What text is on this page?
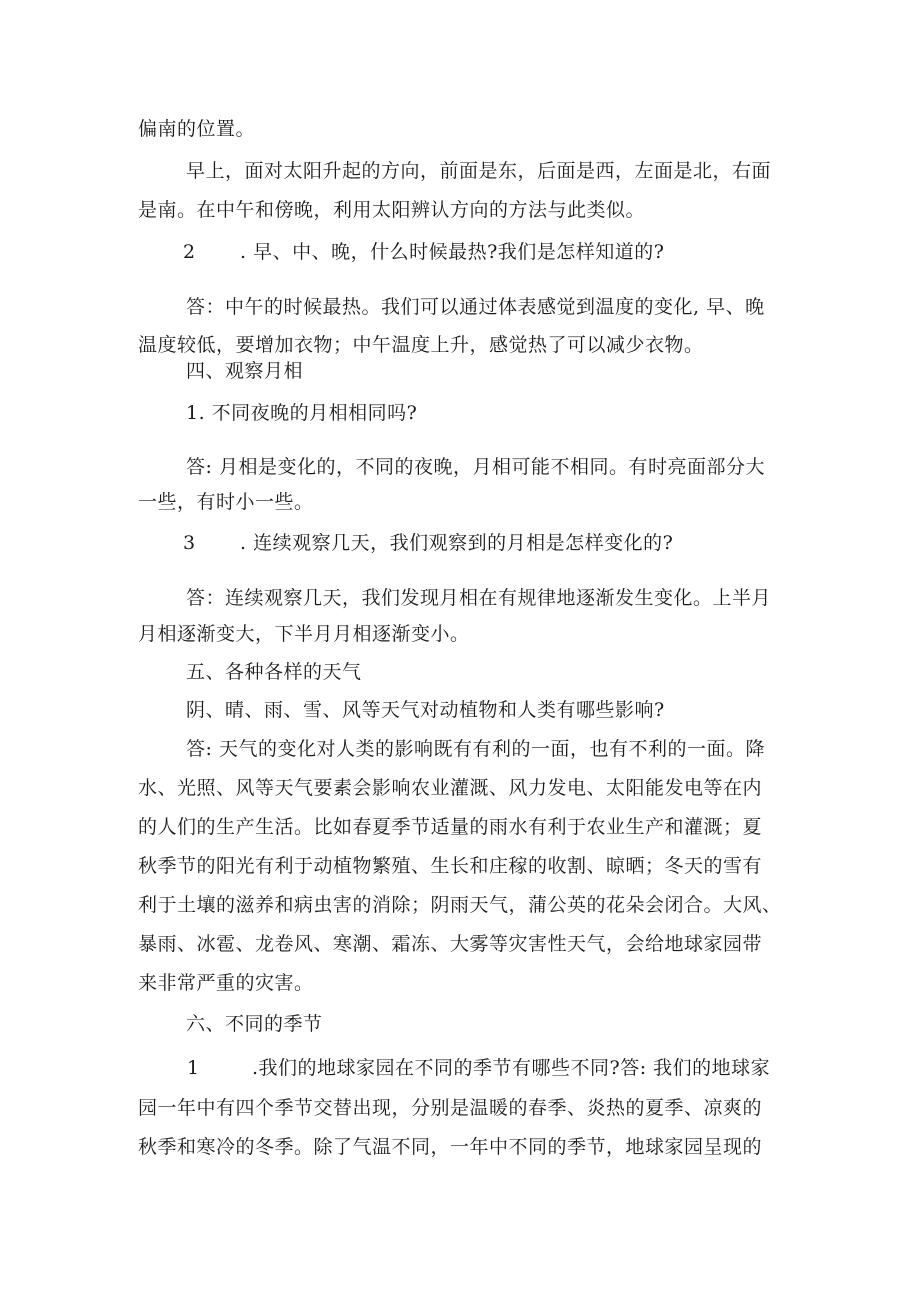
偏南的位置。
早上，面对太阳升起的方向，前面是东，后面是西，左面是北，右面
是南。在中午和傍晚，利用太阳辨认方向的方法与此类似。
2 . 早、中、晚，什么时候最热?我们是怎样知道的?
答：中午的时候最热。我们可以通过体表感觉到温度的变化, 早、晚
温度较低，要增加衣物；中午温度上升，感觉热了可以减少衣物。
四、观察月相
1. 不同夜晚的月相相同吗?
答: 月相是变化的，不同的夜晚，月相可能不相同。有时亮面部分大
一些，有时小一些。
3 . 连续观察几天，我们观察到的月相是怎样变化的?
答：连续观察几天，我们发现月相在有规律地逐渐发生变化。上半月
月相逐渐变大，下半月月相逐渐变小。
五、各种各样的天气
阴、晴、雨、雪、风等天气对动植物和人类有哪些影响?
答: 天气的变化对人类的影响既有有利的一面，也有不利的一面。降
水、光照、风等天气要素会影响农业灌溉、风力发电、太阳能发电等在内
的人们的生产生活。比如春夏季节适量的雨水有利于农业生产和灌溉；夏
秋季节的阳光有利于动植物繁殖、生长和庄稼的收割、晾晒；冬天的雪有
利于土壤的滋养和病虫害的消除；阴雨天气，蒲公英的花朵会闭合。大风、
暴雨、冰雹、龙卷风、寒潮、霜冻、大雾等灾害性天气，会给地球家园带
来非常严重的灾害。
六、不同的季节
1	.我们的地球家园在不同的季节有哪些不同?答: 我们的地球家
园一年中有四个季节交替出现，分别是温暖的春季、炎热的夏季、凉爽的
秋季和寒冷的冬季。除了气温不同，一年中不同的季节，地球家园呈现的
